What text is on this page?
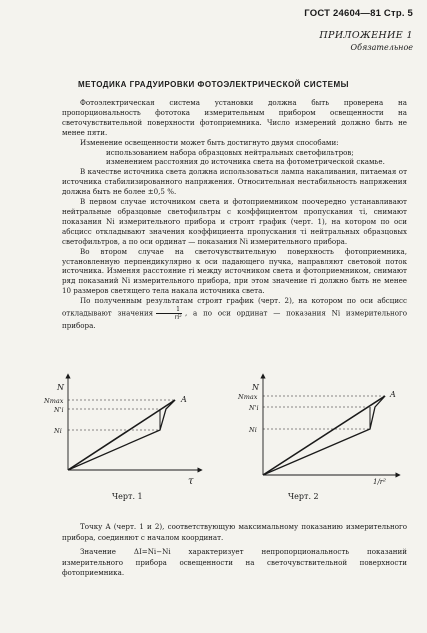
ГОСТ 24604—81 Стр. 5
ПРИЛОЖЕНИЕ 1
Обязательное
МЕТОДИКА ГРАДУИРОВКИ ФОТОЭЛЕКТРИЧЕСКОЙ СИСТЕМЫ

Фотоэлектрическая система установки должна быть проверена на пропорциональность фототока измерительным прибором освещенности на светочувствительной поверхности фотоприемника. Число измерений должно быть не менее пяти.

Изменение освещенности может быть достигнуто двумя способами:

использованием набора образцовых нейтральных светофильтров;

изменением расстояния до источника света на фотометрической скамье.

В качестве источника света должна использоваться лампа накаливания, питаемая от источника стабилизированного напряжения. Относительная нестабильность напряжения должна быть не более ±0,5 %.

В первом случае источником света и фотоприемником поочередно устанавливают нейтральные образцовые светофильтры с коэффициентом пропускания τi, снимают показания Ni измерительного прибора и строят график (черт. 1), на котором по оси абсцисс откладывают значения коэффициента пропускания τi нейтральных образцовых светофильтров, а по оси ординат — показания Ni измерительного прибора.

Во втором случае на светочувствительную поверхность фотоприемника, установленную перпендикулярно к оси падающего пучка, направляют световой поток источника. Изменяя расстояние ri между источником света и фотоприемником, снимают ряд показаний Ni измерительного прибора, при этом значение ri должно быть не менее 10 размеров светящего тела накала источника света.

По полученным результатам строят график (черт. 2), на котором по оси абсцисс откладывают значения $\frac{1}{\text{ri²}}$ , а по оси ординат — показания Ni измерительного прибора.

N
τ
Nmax
N'i
Ni
A
N
1/r²
Nmax
N'i
Ni
A
Черт. 1	Черт. 2

Точку A (черт. 1 и 2), соответствующую максимальному показанию измерительного прибора, соединяют с началом координат.

Значение ΔI=Ni−Ni характеризует непропорциональность показаний измерительного прибора освещенности на светочувствительной поверхности фотоприемника.
